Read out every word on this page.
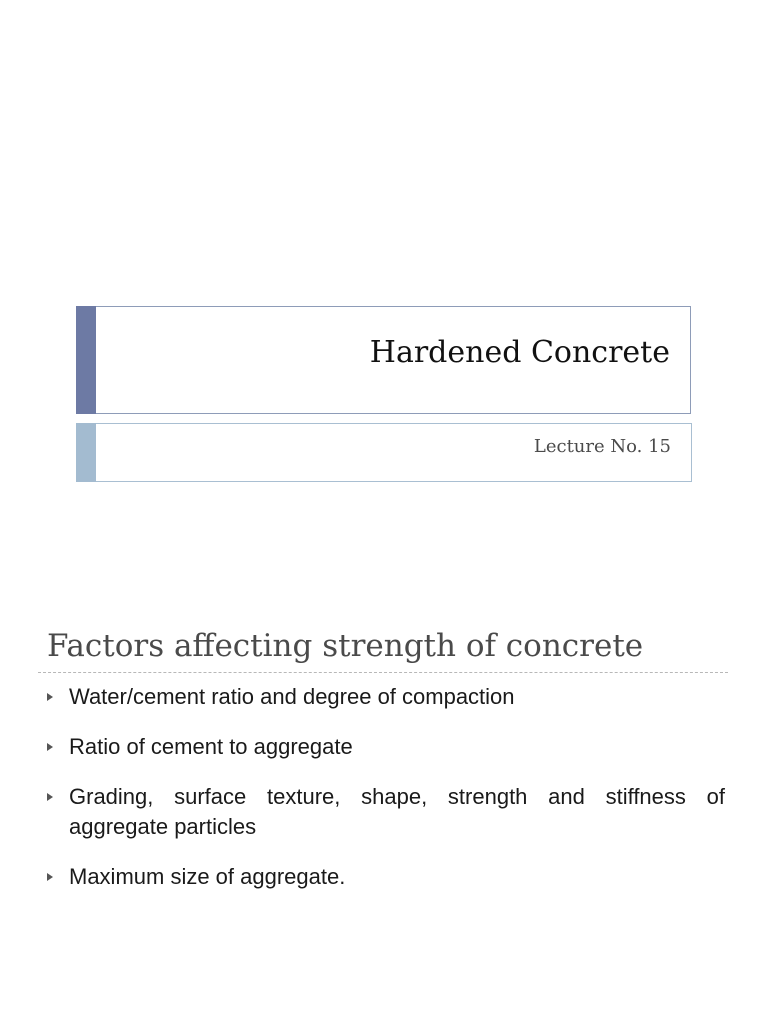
Hardened Concrete
Lecture No. 15
Factors affecting strength of concrete
Water/cement ratio and degree of compaction
Ratio of cement to aggregate
Grading, surface texture, shape, strength and stiffness of aggregate particles
Maximum size of aggregate.
